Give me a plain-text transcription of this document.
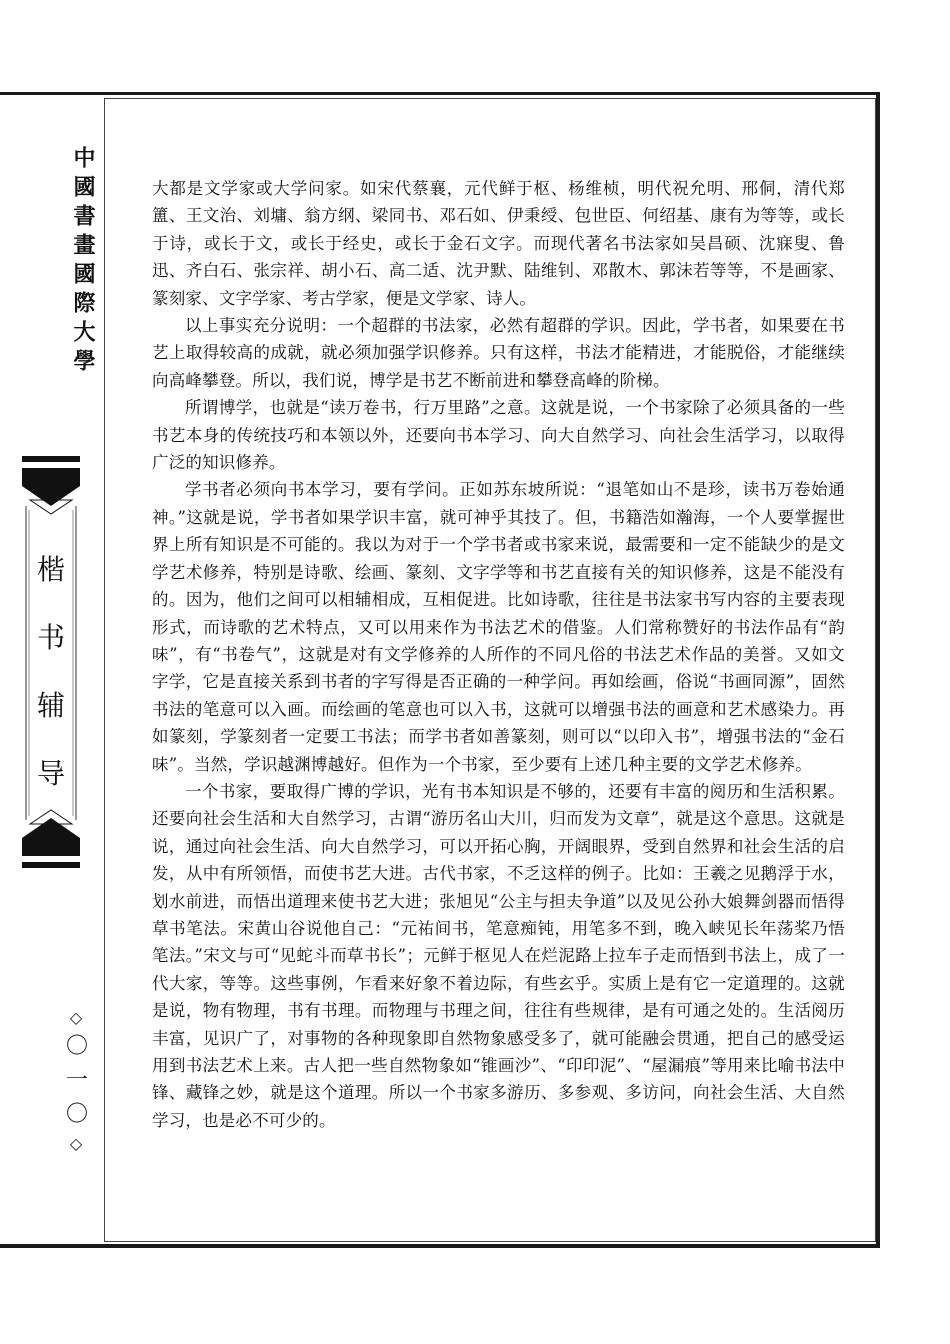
中國書畫國際大學
楷
书
辅
导
◇
〇
一
〇
◇

大都是文学家或大学问家。如宋代蔡襄，元代鲜于枢、杨维桢，明代祝允明、邢侗，清代郑簠、王文治、刘墉、翁方纲、梁同书、邓石如、伊秉绶、包世臣、何绍基、康有为等等，或长于诗，或长于文，或长于经史，或长于金石文字。而现代著名书法家如吴昌硕、沈寐叟、鲁迅、齐白石、张宗祥、胡小石、高二适、沈尹默、陆维钊、邓散木、郭沫若等等，不是画家、篆刻家、文字学家、考古学家，便是文学家、诗人。

以上事实充分说明：一个超群的书法家，必然有超群的学识。因此，学书者，如果要在书艺上取得较高的成就，就必须加强学识修养。只有这样，书法才能精进，才能脱俗，才能继续向高峰攀登。所以，我们说，博学是书艺不断前进和攀登高峰的阶梯。

所谓博学，也就是“读万卷书，行万里路”之意。这就是说，一个书家除了必须具备的一些书艺本身的传统技巧和本领以外，还要向书本学习、向大自然学习、向社会生活学习，以取得广泛的知识修养。

学书者必须向书本学习，要有学问。正如苏东坡所说：“退笔如山不是珍，读书万卷始通神。”这就是说，学书者如果学识丰富，就可神乎其技了。但，书籍浩如瀚海，一个人要掌握世界上所有知识是不可能的。我以为对于一个学书者或书家来说，最需要和一定不能缺少的是文学艺术修养，特别是诗歌、绘画、篆刻、文字学等和书艺直接有关的知识修养，这是不能没有的。因为，他们之间可以相辅相成，互相促进。比如诗歌，往往是书法家书写内容的主要表现形式，而诗歌的艺术特点，又可以用来作为书法艺术的借鉴。人们常称赞好的书法作品有“韵味”，有“书卷气”，这就是对有文学修养的人所作的不同凡俗的书法艺术作品的美誉。又如文字学，它是直接关系到书者的字写得是否正确的一种学问。再如绘画，俗说“书画同源”，固然书法的笔意可以入画。而绘画的笔意也可以入书，这就可以增强书法的画意和艺术感染力。再如篆刻，学篆刻者一定要工书法；而学书者如善篆刻，则可以“以印入书”，增强书法的“金石味”。当然，学识越渊博越好。但作为一个书家，至少要有上述几种主要的文学艺术修养。

一个书家，要取得广博的学识，光有书本知识是不够的，还要有丰富的阅历和生活积累。还要向社会生活和大自然学习，古谓“游历名山大川，归而发为文章”，就是这个意思。这就是说，通过向社会生活、向大自然学习，可以开拓心胸，开阔眼界，受到自然界和社会生活的启发，从中有所领悟，而使书艺大进。古代书家，不乏这样的例子。比如：王羲之见鹅浮于水，划水前进，而悟出道理来使书艺大进；张旭见“公主与担夫争道”以及见公孙大娘舞剑器而悟得草书笔法。宋黄山谷说他自己：“元祐间书，笔意痴钝，用笔多不到，晚入峡见长年荡桨乃悟笔法。”宋文与可“见蛇斗而草书长”；元鲜于枢见人在烂泥路上拉车子走而悟到书法上，成了一代大家，等等。这些事例，乍看来好象不着边际，有些玄乎。实质上是有它一定道理的。这就是说，物有物理，书有书理。而物理与书理之间，往往有些规律，是有可通之处的。生活阅历丰富，见识广了，对事物的各种现象即自然物象感受多了，就可能融会贯通，把自己的感受运用到书法艺术上来。古人把一些自然物象如“锥画沙”、“印印泥”、“屋漏痕”等用来比喻书法中锋、藏锋之妙，就是这个道理。所以一个书家多游历、多参观、多访问，向社会生活、大自然学习，也是必不可少的。
